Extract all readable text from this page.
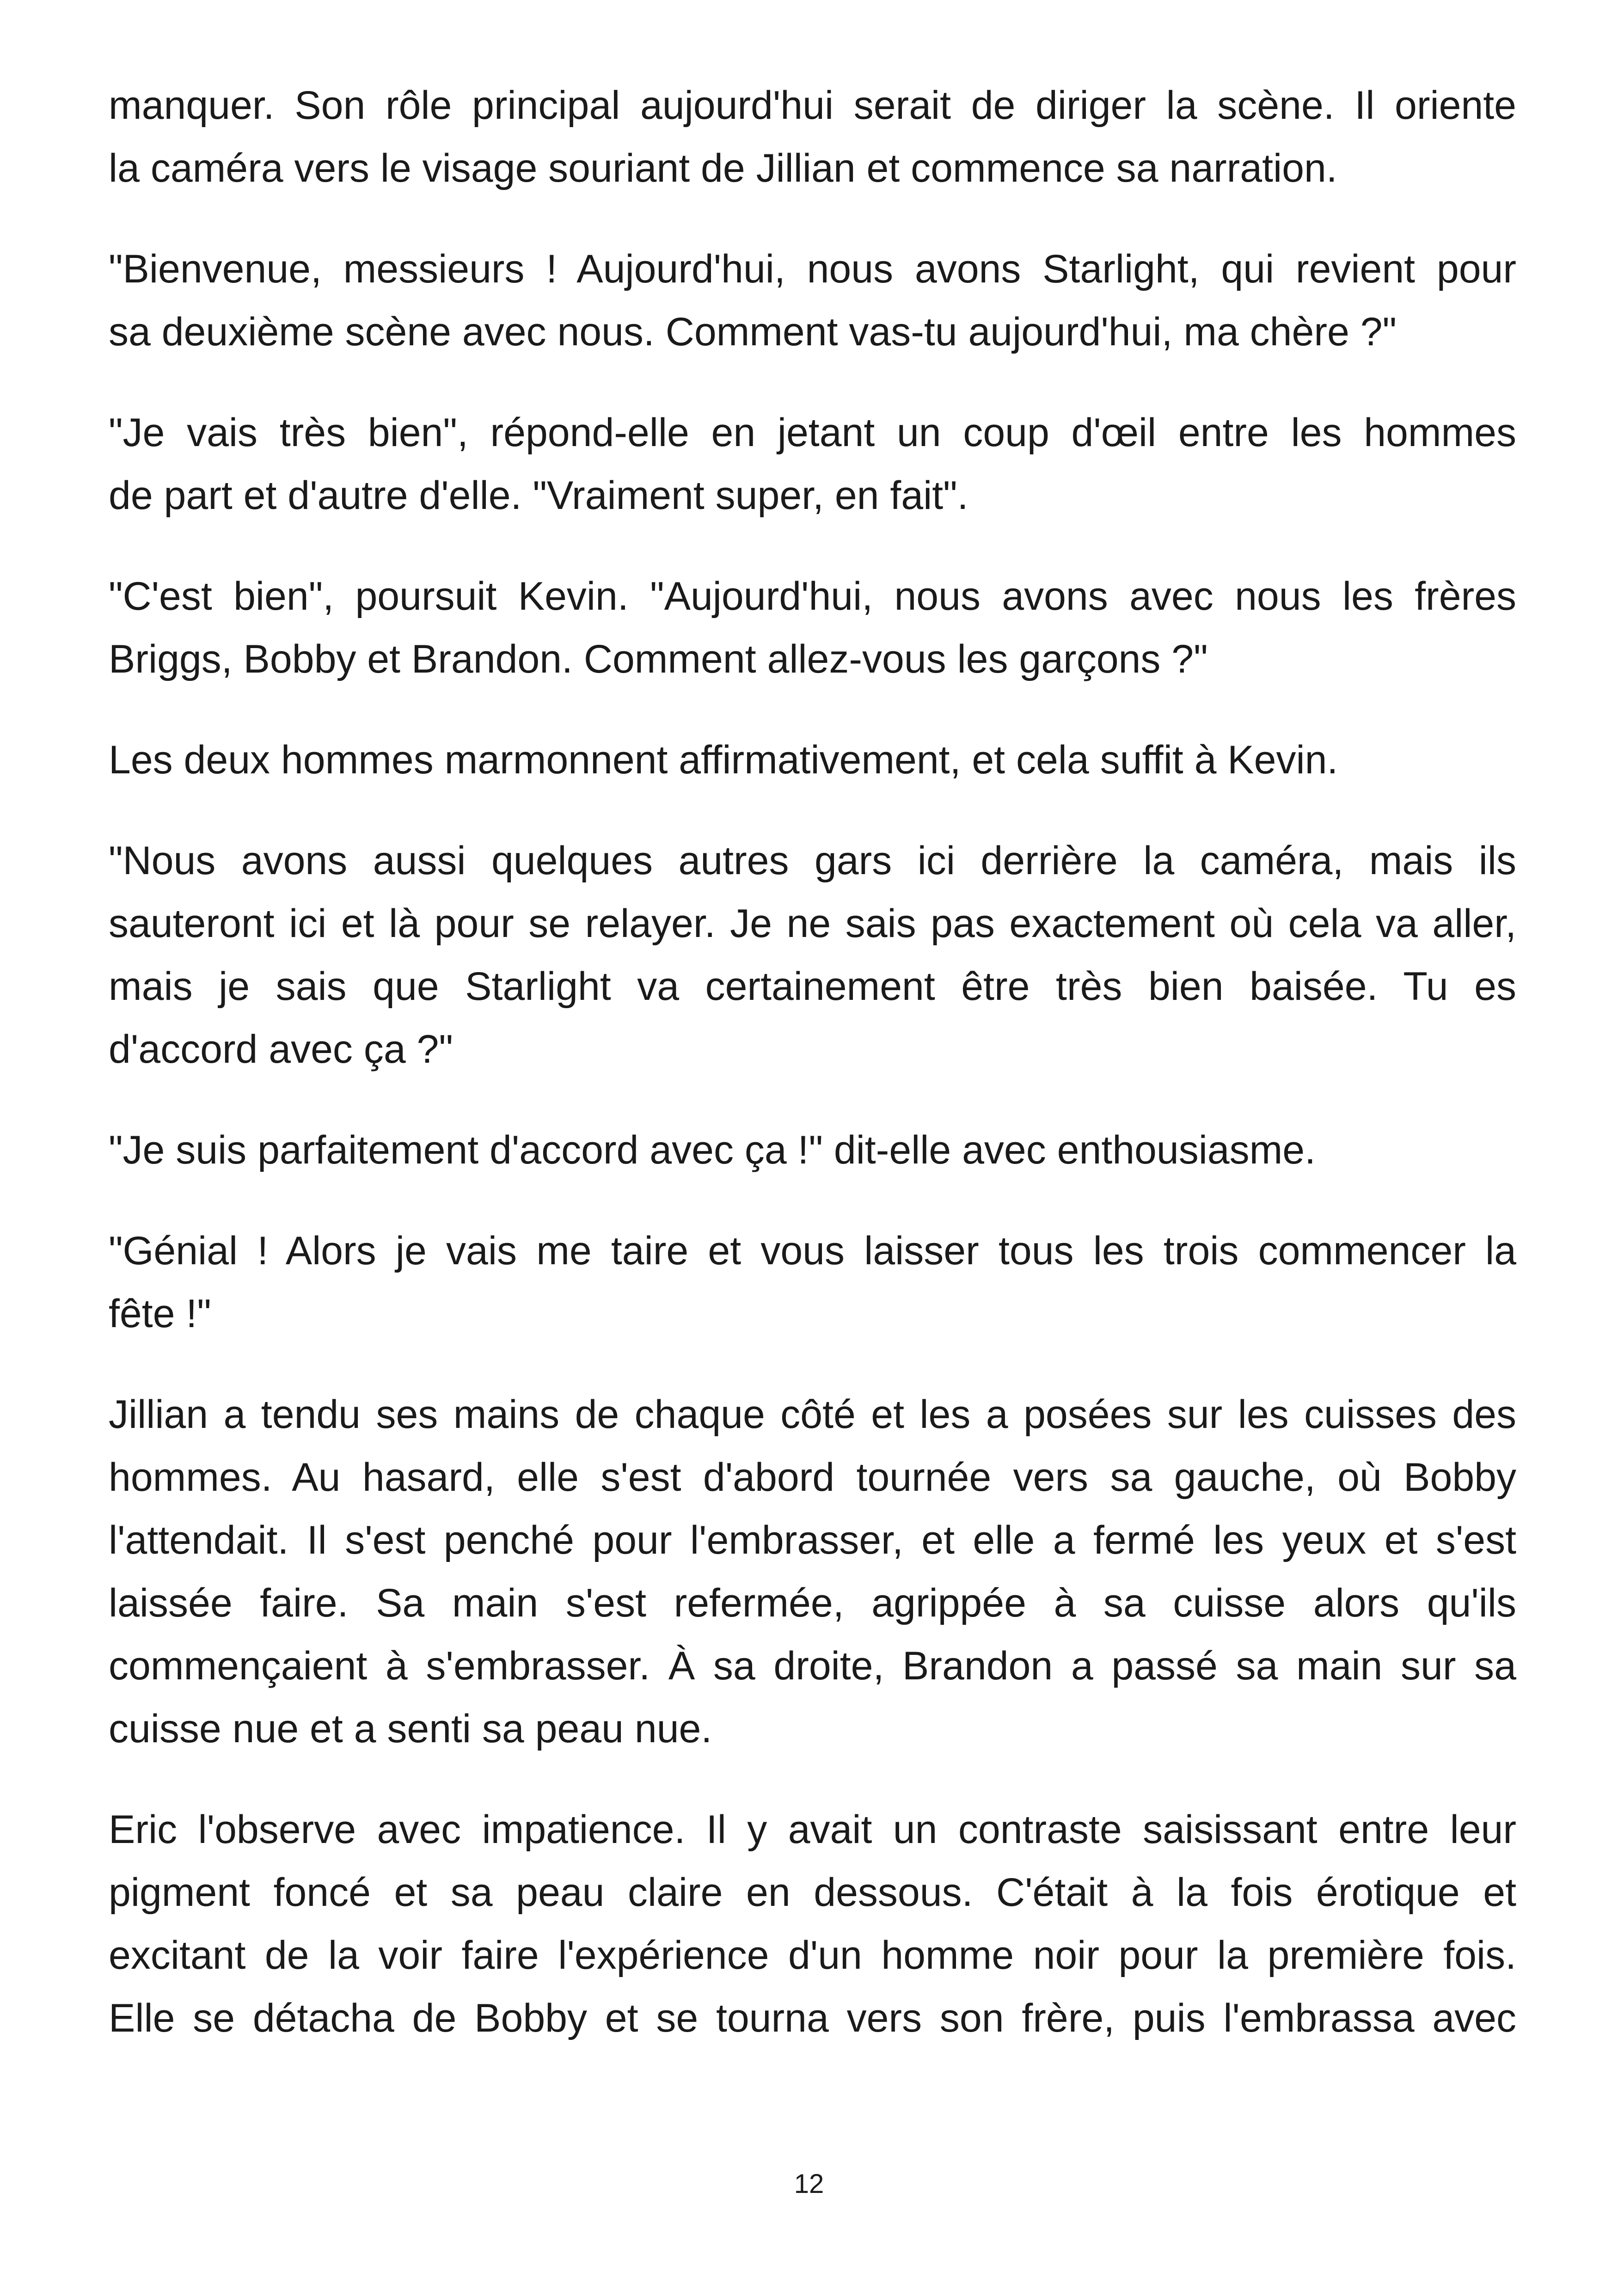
manquer. Son rôle principal aujourd'hui serait de diriger la scène. Il oriente
la caméra vers le visage souriant de Jillian et commence sa narration.

"Bienvenue, messieurs ! Aujourd'hui, nous avons Starlight, qui revient pour
sa deuxième scène avec nous. Comment vas-tu aujourd'hui, ma chère ?"

"Je vais très bien", répond-elle en jetant un coup d'œil entre les hommes
de part et d'autre d'elle. "Vraiment super, en fait".

"C'est bien", poursuit Kevin. "Aujourd'hui, nous avons avec nous les frères
Briggs, Bobby et Brandon. Comment allez-vous les garçons ?"

Les deux hommes marmonnent affirmativement, et cela suffit à Kevin.

"Nous avons aussi quelques autres gars ici derrière la caméra, mais ils
sauteront ici et là pour se relayer. Je ne sais pas exactement où cela va aller,
mais je sais que Starlight va certainement être très bien baisée. Tu es
d'accord avec ça ?"

"Je suis parfaitement d'accord avec ça !" dit-elle avec enthousiasme.

"Génial ! Alors je vais me taire et vous laisser tous les trois commencer la
fête !"

Jillian a tendu ses mains de chaque côté et les a posées sur les cuisses des
hommes. Au hasard, elle s'est d'abord tournée vers sa gauche, où Bobby
l'attendait. Il s'est penché pour l'embrasser, et elle a fermé les yeux et s'est
laissée faire. Sa main s'est refermée, agrippée à sa cuisse alors qu'ils
commençaient à s'embrasser. À sa droite, Brandon a passé sa main sur sa
cuisse nue et a senti sa peau nue.

Eric l'observe avec impatience. Il y avait un contraste saisissant entre leur
pigment foncé et sa peau claire en dessous. C'était à la fois érotique et
excitant de la voir faire l'expérience d'un homme noir pour la première fois.
Elle se détacha de Bobby et se tourna vers son frère, puis l'embrassa avec

12
